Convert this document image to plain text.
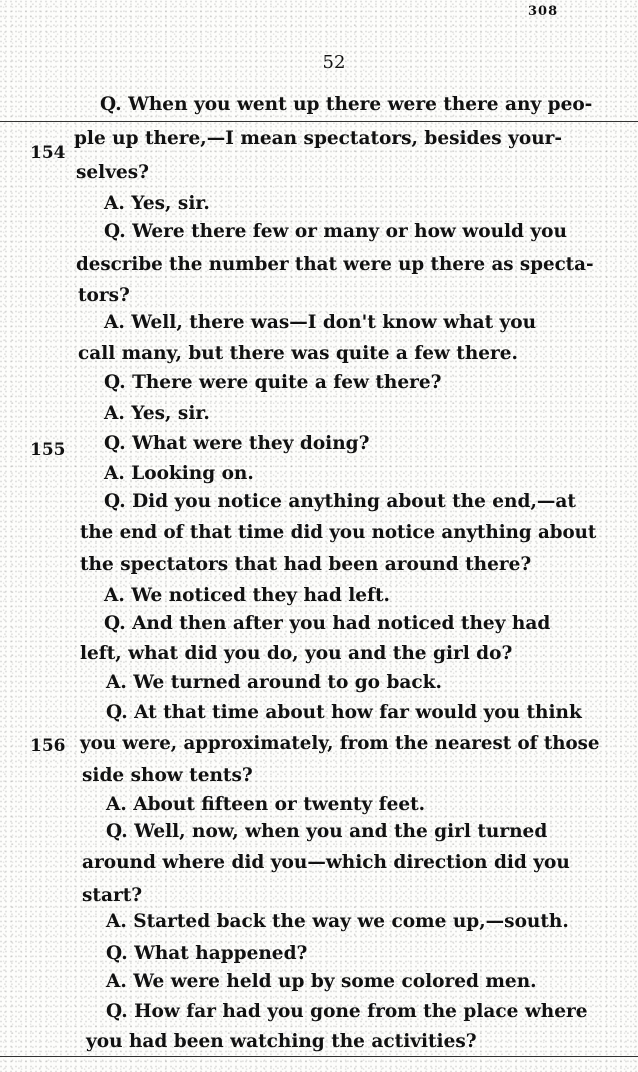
308
52
154
155
156
Q. When you went up there were there any peo-
ple up there,—I mean spectators, besides your-
selves?
A. Yes, sir.
Q. Were there few or many or how would you
describe the number that were up there as specta-
tors?
A. Well, there was—I don't know what you
call many, but there was quite a few there.
Q. There were quite a few there?
A. Yes, sir.
Q. What were they doing?
A. Looking on.
Q. Did you notice anything about the end,—at
the end of that time did you notice anything about
the spectators that had been around there?
A. We noticed they had left.
Q. And then after you had noticed they had
left, what did you do, you and the girl do?
A. We turned around to go back.
Q. At that time about how far would you think
you were, approximately, from the nearest of those
side show tents?
A. About fifteen or twenty feet.
Q. Well, now, when you and the girl turned
around where did you—which direction did you
start?
A. Started back the way we come up,—south.
Q. What happened?
A. We were held up by some colored men.
Q. How far had you gone from the place where
you had been watching the activities?
